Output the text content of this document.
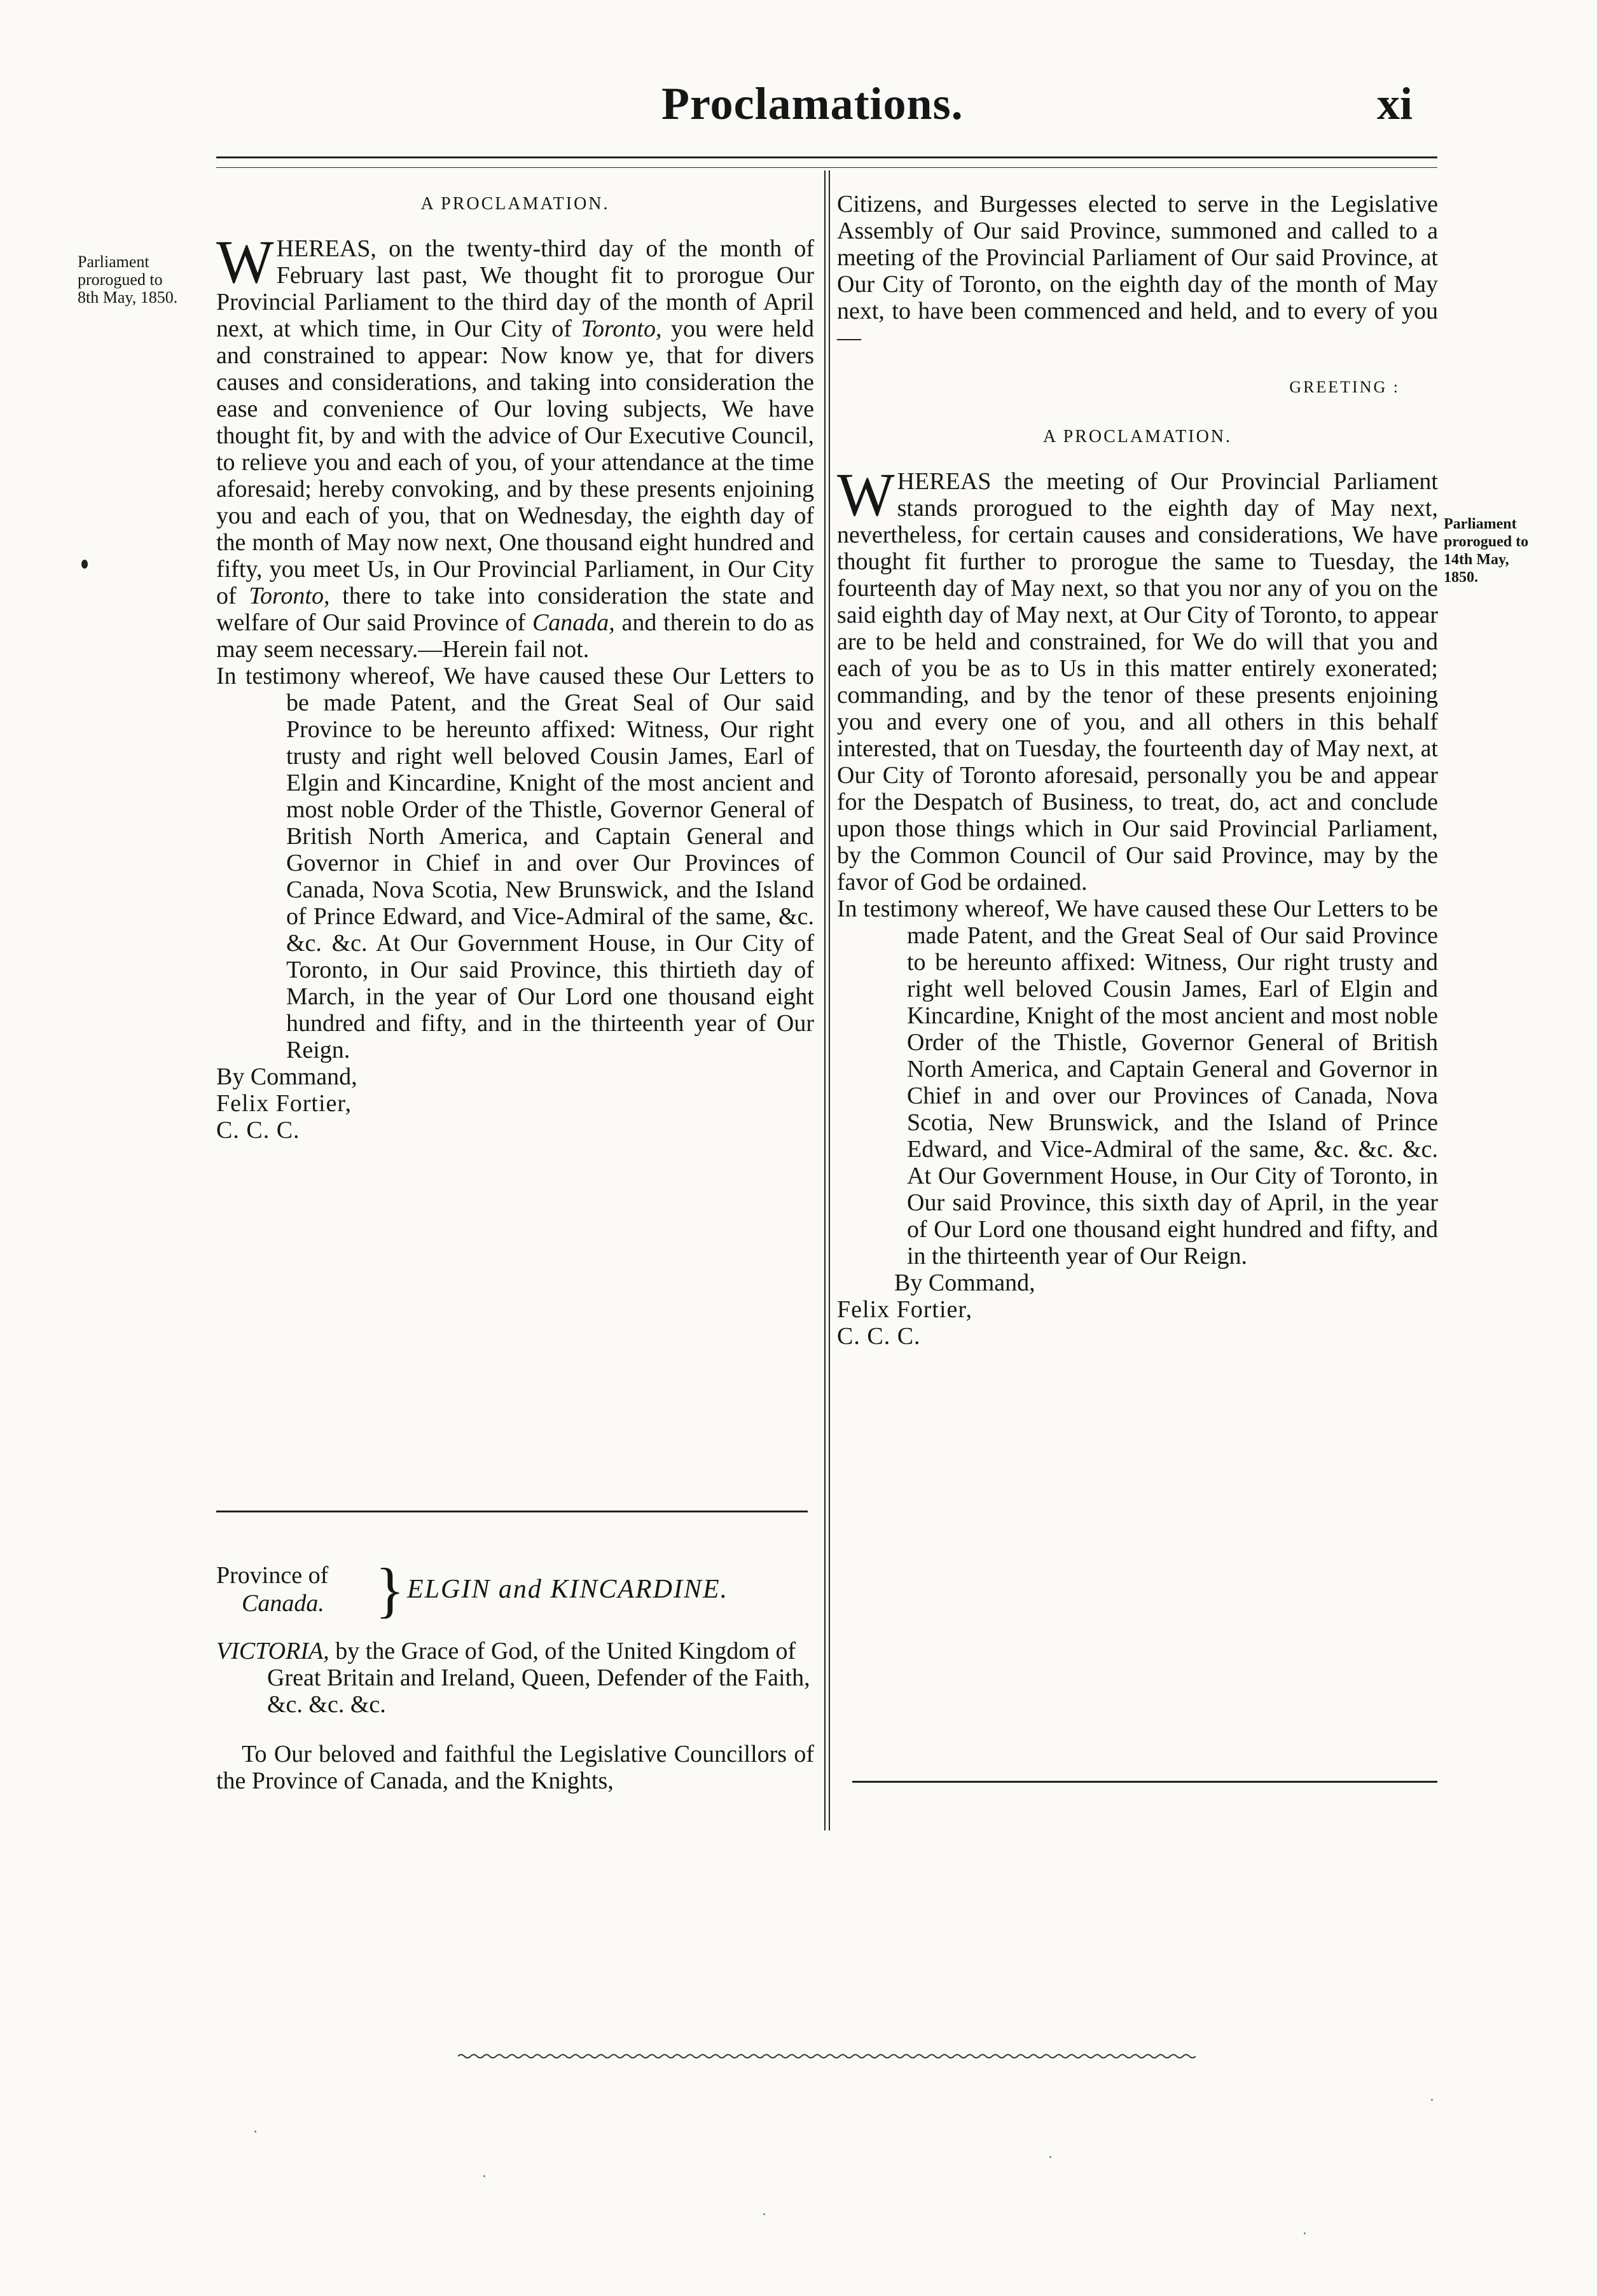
Proclamations.	xi
Parliament
prorogued to
8th May, 1850.
A PROCLAMATION.

WHEREAS, on the twenty-third day of the month of February last past, We thought fit to prorogue Our Provincial Parliament to the third day of the month of April next, at which time, in Our City of Toronto, you were held and constrained to appear: Now know ye, that for divers causes and considerations, and taking into consideration the ease and convenience of Our loving subjects, We have thought fit, by and with the advice of Our Executive Council, to relieve you and each of you, of your attendance at the time aforesaid; hereby convoking, and by these presents enjoining you and each of you, that on Wednesday, the eighth day of the month of May now next, One thousand eight hundred and fifty, you meet Us, in Our Provincial Parliament, in Our City of Toronto, there to take into consideration the state and welfare of Our said Province of Canada, and therein to do as may seem necessary.—Herein fail not.

In testimony whereof, We have caused these Our Letters to be made Patent, and the Great Seal of Our said Province to be hereunto affixed: Witness, Our right trusty and right well beloved Cousin James, Earl of Elgin and Kincardine, Knight of the most ancient and most noble Order of the Thistle, Governor General of British North America, and Captain General and Governor in Chief in and over Our Provinces of Canada, Nova Scotia, New Brunswick, and the Island of Prince Edward, and Vice-Admiral of the same, &c. &c. &c. At Our Government House, in Our City of Toronto, in Our said Province, this thirtieth day of March, in the year of Our Lord one thousand eight hundred and fifty, and in the thirteenth year of Our Reign.

By Command,

Felix Fortier,

C. C. C.

Province of
Canada. } ELGIN and KINCARDINE.

VICTORIA, by the Grace of God, of the United Kingdom of Great Britain and Ireland, Queen, Defender of the Faith, &c. &c. &c.

To Our beloved and faithful the Legislative Councillors of the Province of Canada, and the Knights,

Citizens, and Burgesses elected to serve in the Legislative Assembly of Our said Province, summoned and called to a meeting of the Provincial Parliament of Our said Province, at Our City of Toronto, on the eighth day of the month of May next, to have been commenced and held, and to every of you—

GREETING :
A PROCLAMATION.

WHEREAS the meeting of Our Provincial Parliament stands prorogued to the eighth day of May next, nevertheless, for certain causes and considerations, We have thought fit further to prorogue the same to Tuesday, the fourteenth day of May next, so that you nor any of you on the said eighth day of May next, at Our City of Toronto, to appear are to be held and constrained, for We do will that you and each of you be as to Us in this matter entirely exonerated; commanding, and by the tenor of these presents enjoining you and every one of you, and all others in this behalf interested, that on Tuesday, the fourteenth day of May next, at Our City of Toronto aforesaid, personally you be and appear for the Despatch of Business, to treat, do, act and conclude upon those things which in Our said Provincial Parliament, by the Common Council of Our said Province, may by the favor of God be ordained.

In testimony whereof, We have caused these Our Letters to be made Patent, and the Great Seal of Our said Province to be hereunto affixed: Witness, Our right trusty and right well beloved Cousin James, Earl of Elgin and Kincardine, Knight of the most ancient and most noble Order of the Thistle, Governor General of British North America, and Captain General and Governor in Chief in and over our Provinces of Canada, Nova Scotia, New Brunswick, and the Island of Prince Edward, and Vice-Admiral of the same, &c. &c. &c. At Our Government House, in Our City of Toronto, in Our said Province, this sixth day of April, in the year of Our Lord one thousand eight hundred and fifty, and in the thirteenth year of Our Reign.

By Command,

Felix Fortier,

C. C. C.

Parliament
prorogued to
14th May,
1850.
